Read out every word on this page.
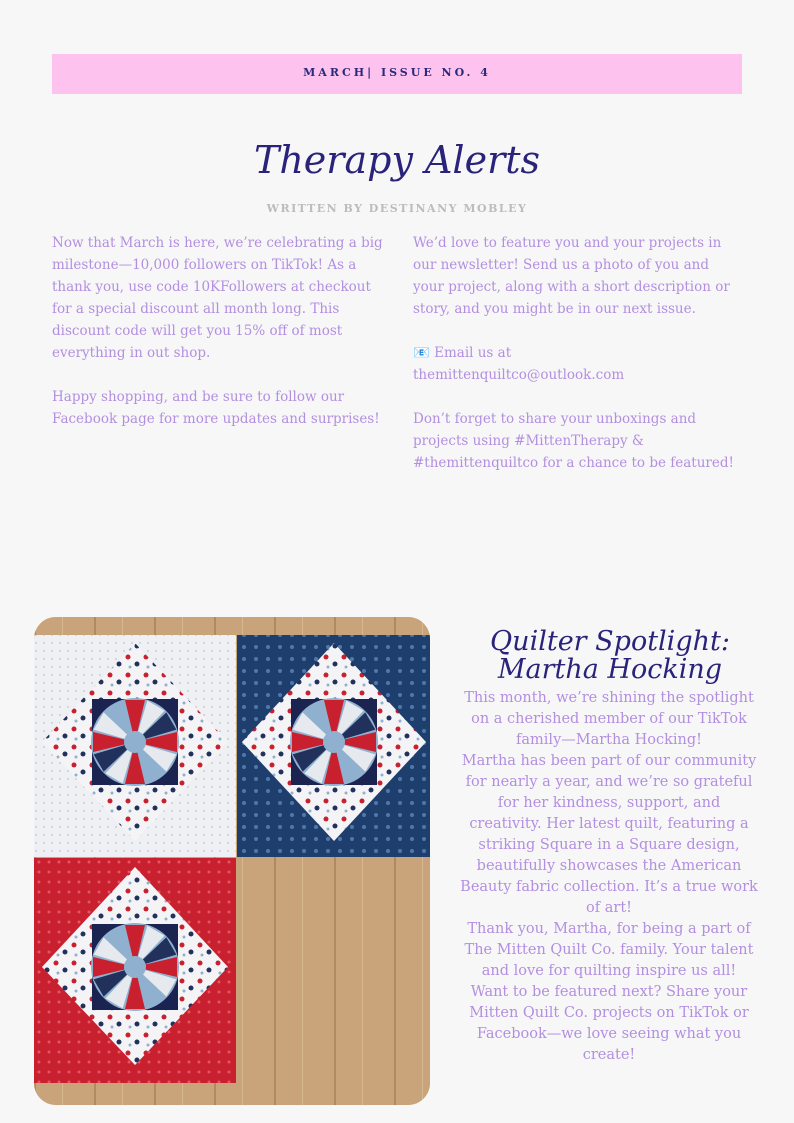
MARCH| ISSUE NO. 4
Therapy Alerts
WRITTEN BY DESTINANY MOBLEY

Now that March is here, we’re celebrating a big milestone—10,000 followers on TikTok! As a thank you, use code 10KFollowers at checkout for a special discount all month long. This discount code will get you 15% off of most everything in out shop.

Happy shopping, and be sure to follow our Facebook page for more updates and surprises!

We’d love to feature you and your projects in our newsletter! Send us a photo of you and your project, along with a short description or story, and you might be in our next issue.

📧 Email us at
themittenquiltco@outlook.com

Don’t forget to share your unboxings and projects using #MittenTherapy & #themittenquiltco for a chance to be featured!

Quilter Spotlight:
Martha Hocking
This month, we’re shining the spotlight on a cherished member of our TikTok family—Martha Hocking!
Martha has been part of our community for nearly a year, and we’re so grateful for her kindness, support, and creativity. Her latest quilt, featuring a striking Square in a Square design, beautifully showcases the American Beauty fabric collection. It’s a true work of art!
Thank you, Martha, for being a part of The Mitten Quilt Co. family. Your talent and love for quilting inspire us all!
Want to be featured next? Share your Mitten Quilt Co. projects on TikTok or Facebook—we love seeing what you create!
